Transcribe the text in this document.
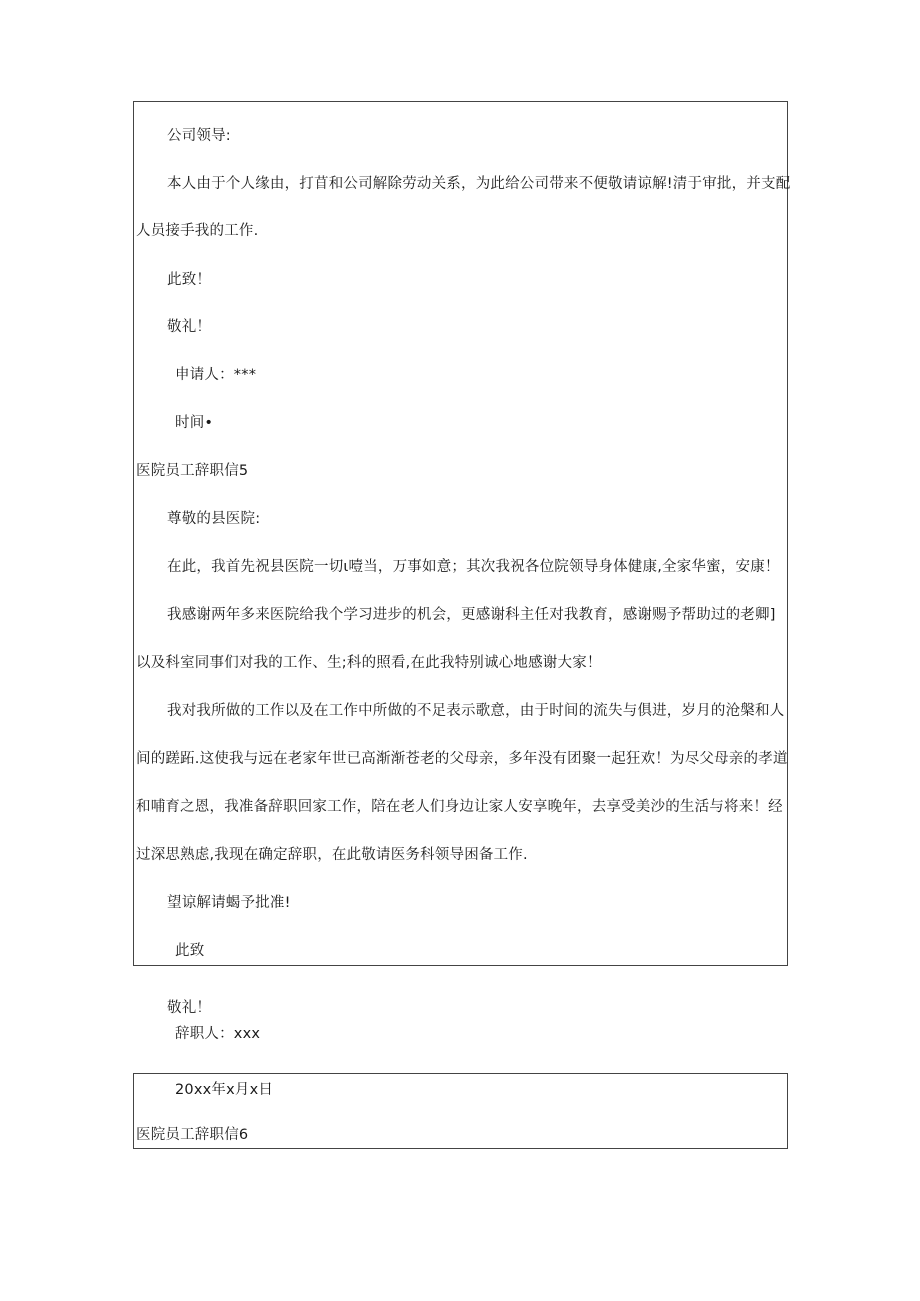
公司领导:
本人由于个人缘由，打苜和公司解除劳动关系，为此给公司带来不便敬请谅解!清于审批，并支配
人员接手我的工作.
此致！
敬礼！
申请人：***
时间•
医院员工辞职信5
尊敬的县医院:
在此，我首先祝县医院一切ι噎当，万事如意；其次我祝各位院领导身体健康,全家华蜜，安康！
我感谢两年多来医院给我个学习进步的机会，更感谢科主任对我教育，感谢赐予帮助过的老卿]
以及科室同事们对我的工作、生;科的照看,在此我特别诚心地感谢大家！
我对我所做的工作以及在工作中所做的不足表示歌意，由于时间的流失与俱进，岁月的沧槃和人
间的蹉跖.这使我与远在老家年世已高渐渐苍老的父母亲，多年没有团聚一起狂欢！为尽父母亲的孝道
和哺育之恩，我准备辞职回家工作，陪在老人们身边让家人安享晚年，去享受美沙的生活与将来！经
过深思熟虑,我现在确定辞职，在此敬请医务科领导困备工作.
望谅解请蝎予批准!
此致
敬礼！
辞职人：xxx
20xx年x月x日
医院员工辞职信6
